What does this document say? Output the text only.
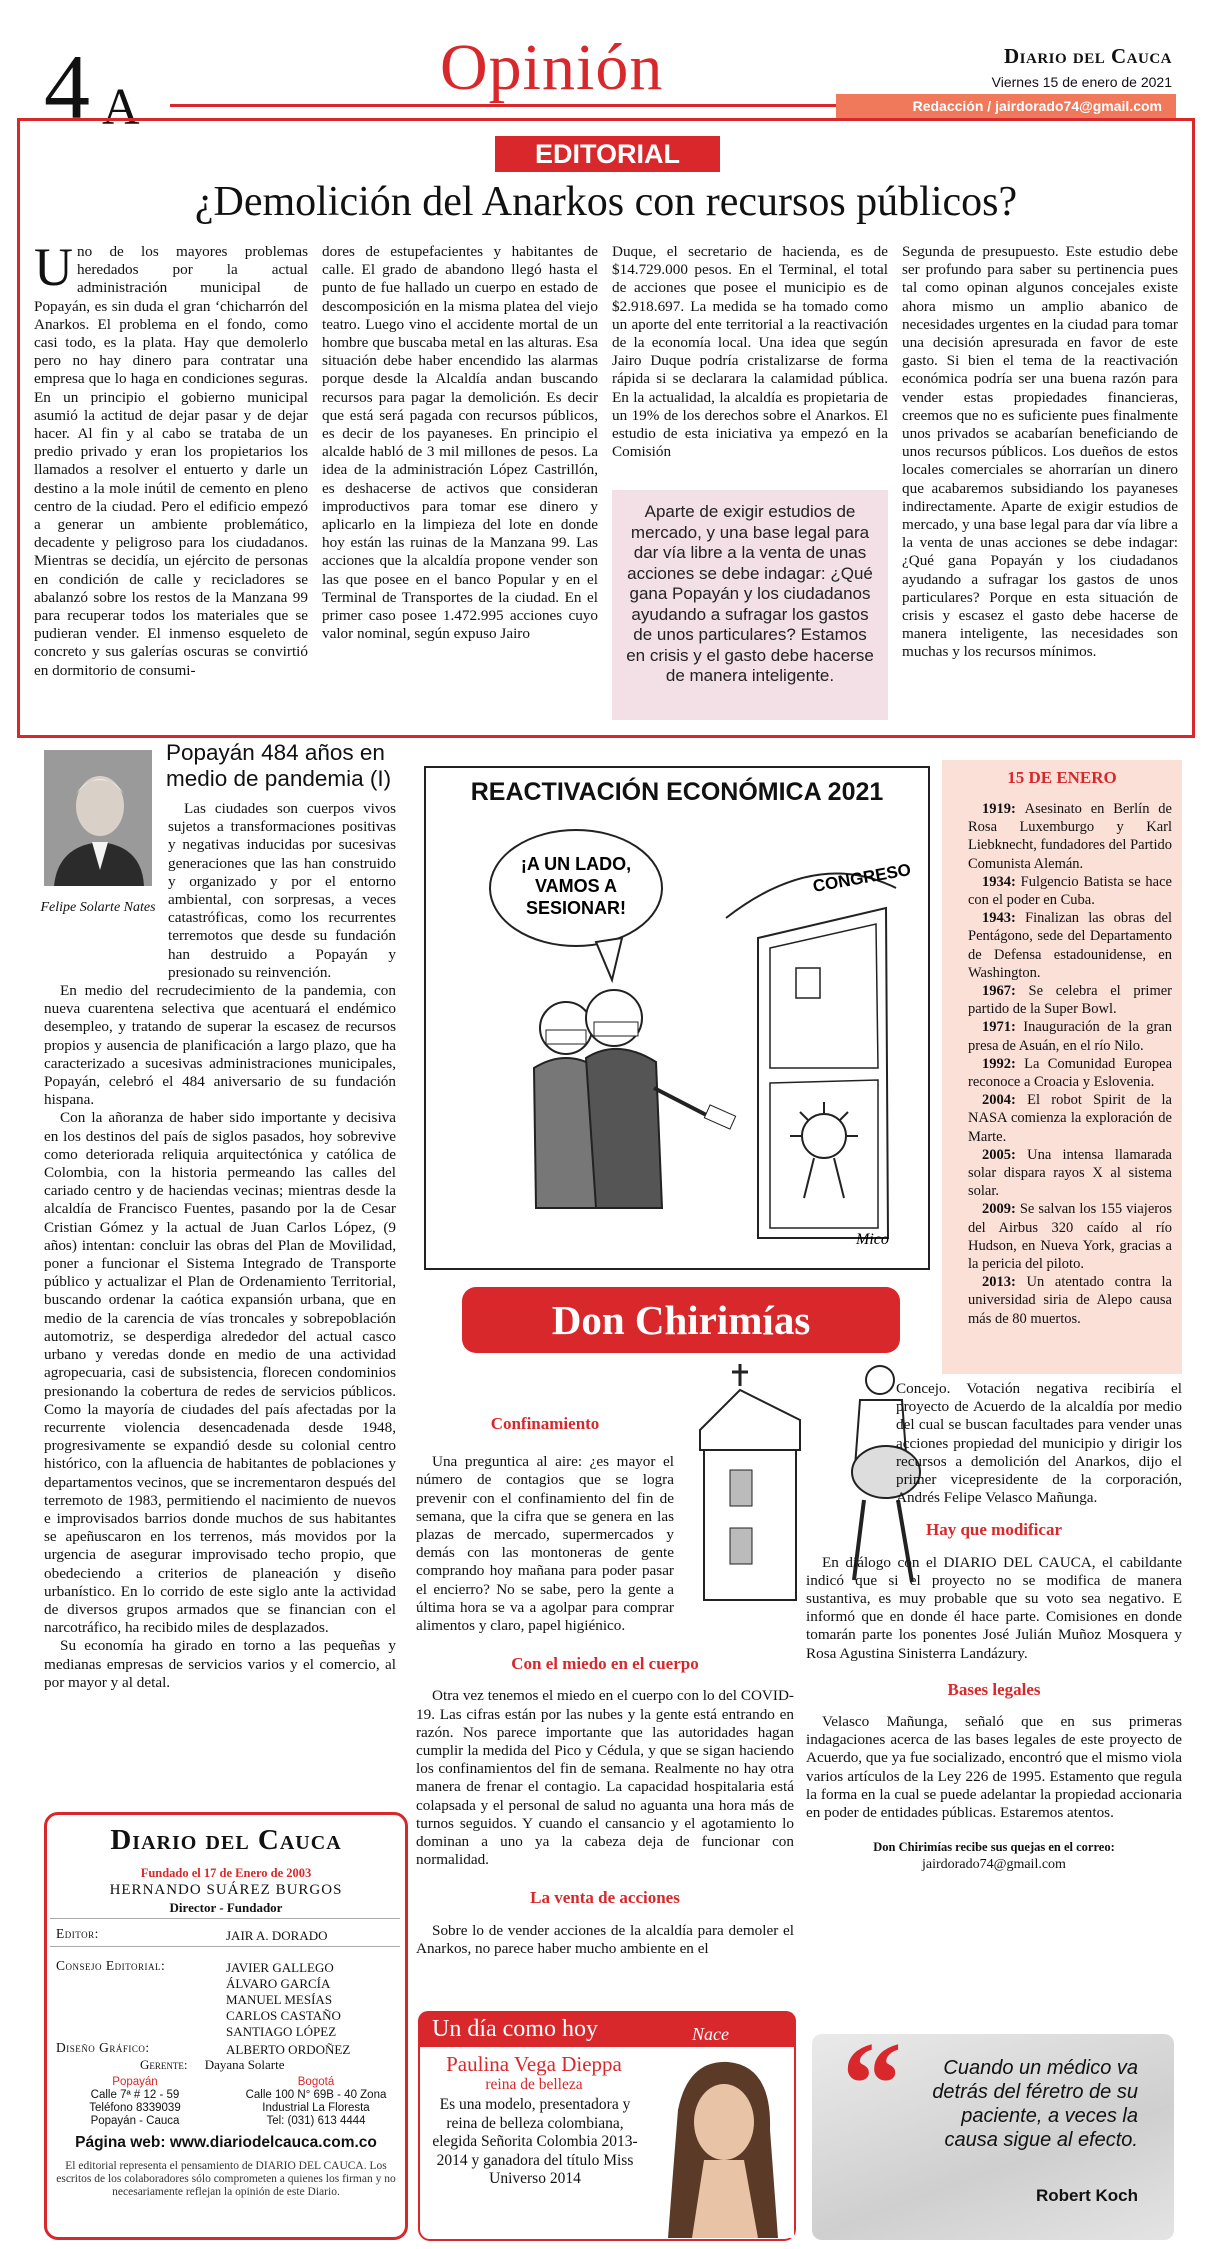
4 A
Opinión	Diario del Cauca
Viernes 15 de enero de 2021
Redacción / jairdorado74@gmail.com
EDITORIAL
¿Demolición del Anarkos con recursos públicos?
Uno de los mayores problemas heredados por la actual administración municipal de Popayán, es sin duda el gran ‘chicharrón del Anarkos. El problema en el fondo, como casi todo, es la plata. Hay que demolerlo pero no hay dinero para contratar una empresa que lo haga en condiciones seguras. En un principio el gobierno municipal asumió la actitud de dejar pasar y de dejar hacer. Al fin y al cabo se trataba de un predio privado y eran los propietarios los llamados a resolver el entuerto y darle un destino a la mole inútil de cemento en pleno centro de la ciudad. Pero el edificio empezó a generar un ambiente problemático, decadente y peligroso para los ciudadanos. Mientras se decidía, un ejército de personas en condición de calle y recicladores se abalanzó sobre los restos de la Manzana 99 para recuperar todos los materiales que se pudieran vender. El inmenso esqueleto de concreto y sus galerías oscuras se convirtió en dormitorio de consumi-
dores de estupefacientes y habitantes de calle. El grado de abandono llegó hasta el punto de fue hallado un cuerpo en estado de descomposición en la misma platea del viejo teatro. Luego vino el accidente mortal de un hombre que buscaba metal en las alturas. Esa situación debe haber encendido las alarmas porque desde la Alcaldía andan buscando recursos para pagar la demolición. Es decir que está será pagada con recursos públicos, es decir de los payaneses. En principio el alcalde habló de 3 mil millones de pesos. La idea de la administración López Castrillón, es deshacerse de activos que consideran improductivos para tomar ese dinero y aplicarlo en la limpieza del lote en donde hoy están las ruinas de la Manzana 99. Las acciones que la alcaldía propone vender son las que posee en el banco Popular y en el Terminal de Transportes de la ciudad. En el primer caso posee 1.472.995 acciones cuyo valor nominal, según expuso Jairo
Duque, el secretario de hacienda, es de $14.729.000 pesos. En el Terminal, el total de acciones que posee el municipio es de $2.918.697. La medida se ha tomado como un aporte del ente territorial a la reactivación de la economía local. Una idea que según Jairo Duque podría cristalizarse de forma rápida si se declarara la calamidad pública. En la actualidad, la alcaldía es propietaria de un 19% de los derechos sobre el Anarkos. El estudio de esta iniciativa ya empezó en la Comisión
Aparte de exigir estudios de mercado, y una base legal para dar vía libre a la venta de unas acciones se debe indagar: ¿Qué gana Popayán y los ciudadanos ayudando a sufragar los gastos de unos particulares? Estamos en crisis y el gasto debe hacerse de manera inteligente.
Segunda de presupuesto. Este estudio debe ser profundo para saber su pertinencia pues tal como opinan algunos concejales existe ahora mismo un amplio abanico de necesidades urgentes en la ciudad para tomar una decisión apresurada en favor de este gasto. Si bien el tema de la reactivación económica podría ser una buena razón para vender estas propiedades financieras, creemos que no es suficiente pues finalmente unos privados se acabarían beneficiando de unos recursos públicos. Los dueños de estos locales comerciales se ahorrarían un dinero que acabaremos subsidiando los payaneses indirectamente. Aparte de exigir estudios de mercado, y una base legal para dar vía libre a la venta de unas acciones se debe indagar: ¿Qué gana Popayán y los ciudadanos ayudando a sufragar los gastos de unos particulares? Porque en esta situación de crisis y escasez el gasto debe hacerse de manera inteligente, las necesidades son muchas y los recursos mínimos.
Felipe Solarte Nates
Popayán 484 años en medio de pandemia (I)

Las ciudades son cuerpos vivos sujetos a transformaciones positivas y negativas inducidas por sucesivas generaciones que las han construido y organizado y por el entorno ambiental, con sorpresas, a veces catastróficas, como los recurrentes terremotos que desde su fundación han destruido a Popayán y presionado su reinvención.

En medio del recrudecimiento de la pandemia, con nueva cuarentena selectiva que acentuará el endémico desempleo, y tratando de superar la escasez de recursos propios y ausencia de planificación a largo plazo, que ha caracterizado a sucesivas administraciones municipales, Popayán, celebró el 484 aniversario de su fundación hispana.

Con la añoranza de haber sido importante y decisiva en los destinos del país de siglos pasados, hoy sobrevive como deteriorada reliquia arquitectónica y católica de Colombia, con la historia permeando las calles del cariado centro y de haciendas vecinas; mientras desde la alcaldía de Francisco Fuentes, pasando por la de Cesar Cristian Gómez y la actual de Juan Carlos López, (9 años) intentan: concluir las obras del Plan de Movilidad, poner a funcionar el Sistema Integrado de Transporte público y actualizar el Plan de Ordenamiento Territorial, buscando ordenar la caótica expansión urbana, que en medio de la carencia de vías troncales y sobrepoblación automotriz, se desperdiga alrededor del actual casco urbano y veredas donde en medio de una actividad agropecuaria, casi de subsistencia, florecen condominios presionando la cobertura de redes de servicios públicos. Como la mayoría de ciudades del país afectadas por la recurrente violencia desencadenada desde 1948, progresivamente se expandió desde su colonial centro histórico, con la afluencia de habitantes de poblaciones y departamentos vecinos, que se incrementaron después del terremoto de 1983, permitiendo el nacimiento de nuevos e improvisados barrios donde muchos de sus habitantes se apeñuscaron en los terrenos, más movidos por la urgencia de asegurar improvisado techo propio, que obedeciendo a criterios de planeación y diseño urbanístico. En lo corrido de este siglo ante la actividad de diversos grupos armados que se financian con el narcotráfico, ha recibido miles de desplazados.

Su economía ha girado en torno a las pequeñas y medianas empresas de servicios varios y el comercio, al por mayor y al detal.

CONGRESO
¡A UN LADO,
VAMOS A
SESIONAR!
Mico
REACTIVACIÓN ECONÓMICA 2021
15 DE ENERO
1919: Asesinato en Berlín de Rosa Luxemburgo y Karl Liebknecht, fundadores del Partido Comunista Alemán.
1934: Fulgencio Batista se hace con el poder en Cuba.
1943: Finalizan las obras del Pentágono, sede del Departamento de Defensa estadounidense, en Washington.
1967: Se celebra el primer partido de la Super Bowl.
1971: Inauguración de la gran presa de Asuán, en el río Nilo.
1992: La Comunidad Europea reconoce a Croacia y Eslovenia.
2004: El robot Spirit de la NASA comienza la exploración de Marte.
2005: Una intensa llamarada solar dispara rayos X al sistema solar.
2009: Se salvan los 155 viajeros del Airbus 320 caído al río Hudson, en Nueva York, gracias a la pericia del piloto.
2013: Un atentado contra la universidad siria de Alepo causa más de 80 muertos.
Don Chirimías
Confinamiento

Una preguntica al aire: ¿es mayor el número de contagios que se logra prevenir con el confinamiento del fin de semana, que la cifra que se genera en las plazas de mercado, supermercados y demás con las montoneras de gente comprando hoy mañana para poder pasar el encierro? No se sabe, pero la gente a última hora se va a agolpar para comprar alimentos y claro, papel higiénico.

Con el miedo en el cuerpo

Otra vez tenemos el miedo en el cuerpo con lo del COVID-19. Las cifras están por las nubes y la gente está entrando en razón. Nos parece importante que las autoridades hagan cumplir la medida del Pico y Cédula, y que se sigan haciendo los confinamientos del fin de semana. Realmente no hay otra manera de frenar el contagio. La capacidad hospitalaria está colapsada y el personal de salud no aguanta una hora más de turnos seguidos. Y cuando el cansancio y el agotamiento lo dominan a uno ya la cabeza deja de funcionar con normalidad.

La venta de acciones

Sobre lo de vender acciones de la alcaldía para demoler el Anarkos, no parece haber mucho ambiente en el

Concejo. Votación negativa recibiría el proyecto de Acuerdo de la alcaldía por medio del cual se buscan facultades para vender unas acciones propiedad del municipio y dirigir los recursos a demolición del Anarkos, dijo el primer vicepresidente de la corporación, Andrés Felipe Velasco Mañunga.

Hay que modificar

En diálogo con el DIARIO DEL CAUCA, el cabildante indicó que si el proyecto no se modifica de manera sustantiva, es muy probable que su voto sea negativo. E informó que en donde él hace parte. Comisiones en donde tomarán parte los ponentes José Julián Muñoz Mosquera y Rosa Agustina Sinisterra Landázury.

Bases legales

Velasco Mañunga, señaló que en sus primeras indagaciones acerca de las bases legales de este proyecto de Acuerdo, que ya fue socializado, encontró que el mismo viola varios artículos de la Ley 226 de 1995. Estamento que regula la forma en la cual se puede adelantar la propiedad accionaria en poder de entidades públicas. Estaremos atentos.

Don Chirimías recibe sus quejas en el correo:
jairdorado74@gmail.com
Diario del Cauca
Fundado el 17 de Enero de 2003
HERNANDO SUÁREZ BURGOS
Director - Fundador
Editor:	JAIR A. DORADO
Consejo Editorial:	JAVIER GALLEGO
ÁLVARO GARCÍA
MANUEL MESÍAS
CARLOS CASTAÑO
SANTIAGO LÓPEZ
Diseño Gráfico:	ALBERTO ORDOÑEZ
Gerente: Dayana Solarte
Popayán
Calle 7ª # 12 - 59
Teléfono 8339039
Popayán - Cauca
Bogotá
Calle 100 N° 69B - 40 Zona
Industrial La Floresta
Tel: (031) 613 4444
Página web: www.diariodelcauca.com.co
El editorial representa el pensamiento de DIARIO DEL CAUCA. Los escritos de los colaboradores sólo comprometen a quienes los firman y no necesariamente reflejan la opinión de este Diario.
Un día como hoy	Nace
Paulina Vega Dieppa
reina de belleza
Es una modelo, presentadora y reina de belleza colombiana, elegida Señorita Colombia 2013-2014 y ganadora del título Miss Universo 2014
“	Cuando un médico va detrás del féretro de su paciente, a veces la causa sigue al efecto.
Robert Koch
